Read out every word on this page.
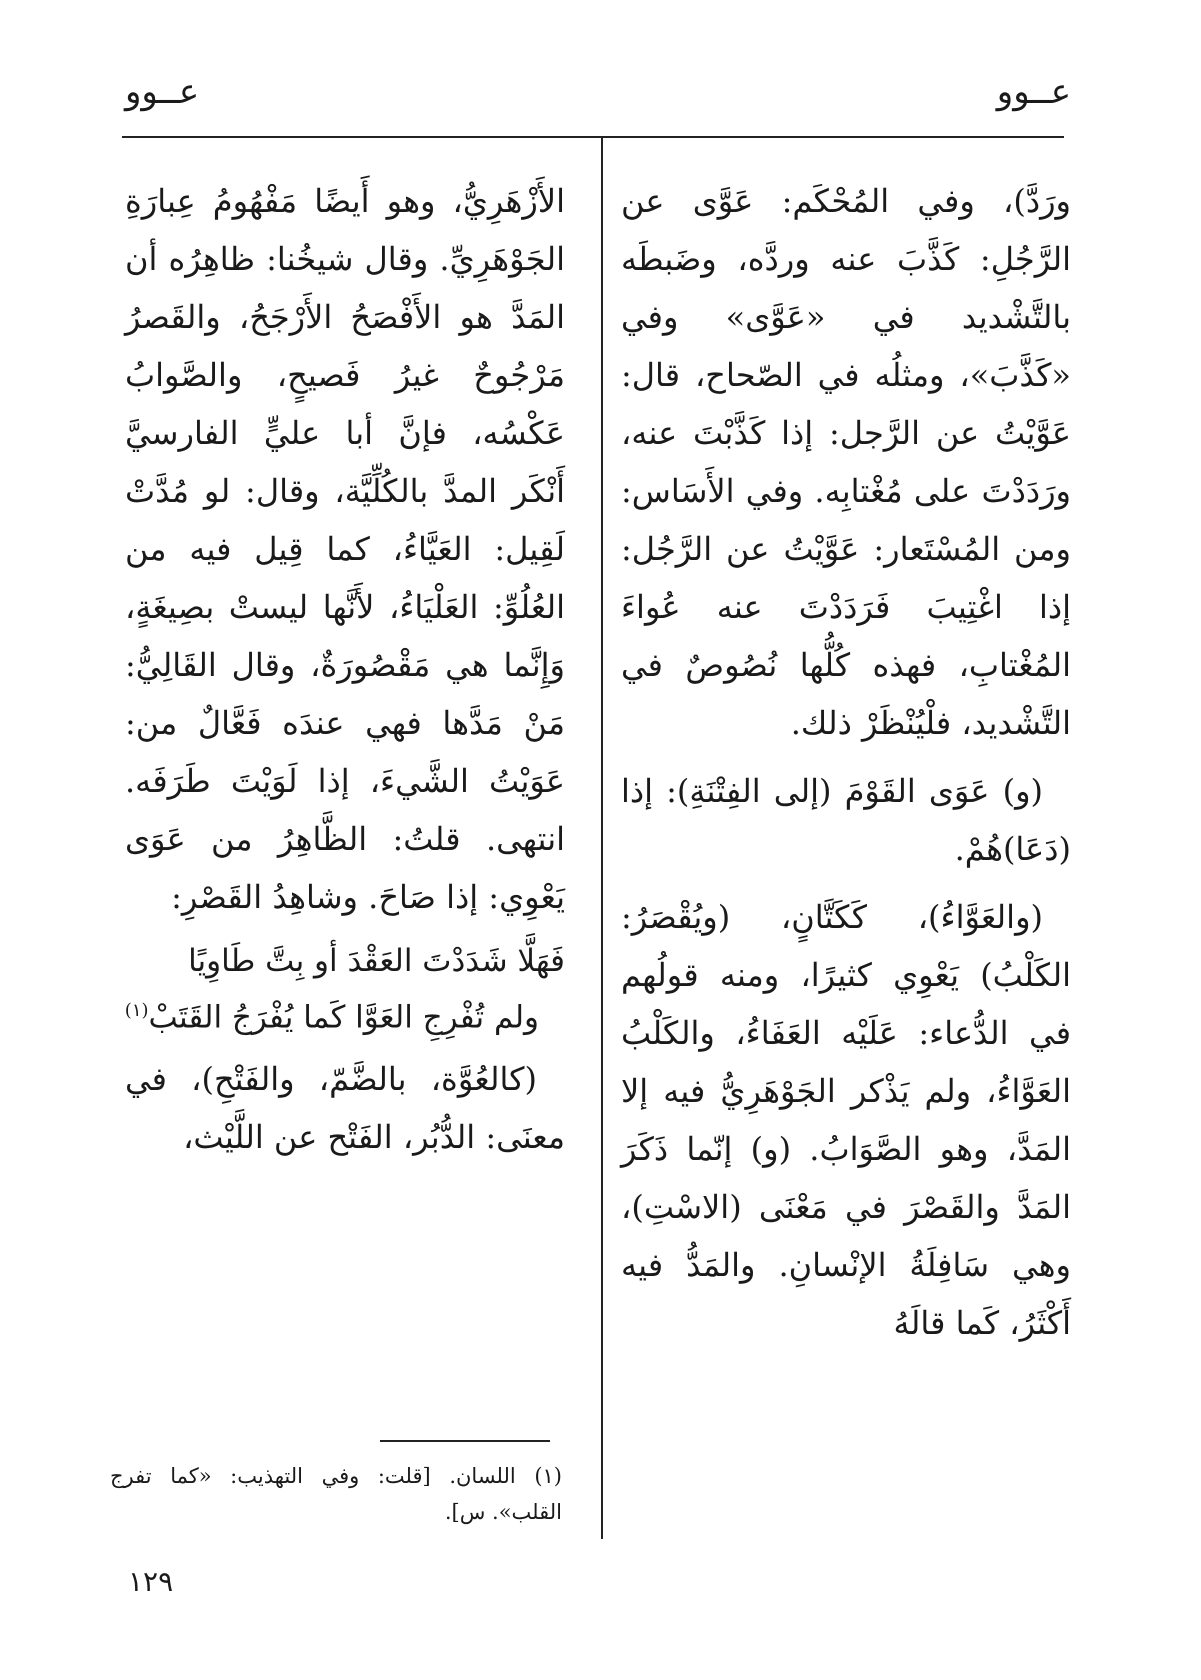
عــوو
عــوو

ورَدَّ)، وفي المُحْكَم: عَوَّى عن الرَّجُلِ: كَذَّبَ عنه وردَّه، وضَبطَه بالتَّشْديد في «عَوَّى» وفي «كَذَّبَ»، ومثلُه في الصّحاح، قال: عَوَّيْتُ عن الرَّجل: إذا كَذَّبْتَ عنه، ورَدَدْتَ على مُغْتابِه. وفي الأَسَاس: ومن المُسْتَعار: عَوَّيْتُ عن الرَّجُل: إذا اغْتِيبَ فَرَدَدْتَ عنه عُواءَ المُغْتابِ، فهذه كُلُّها نُصُوصٌ في التَّشْديد، فلْيُنْظَرْ ذلك.

(و) عَوَى القَوْمَ (إلى الفِتْنَةِ): إذا (دَعَا)هُمْ.

(والعَوَّاءُ)، كَكَتَّانٍ، (ويُقْصَرُ: الكَلْبُ) يَعْوِي كثيرًا، ومنه قولُهم في الدُّعاء: عَلَيْه العَفَاءُ، والكَلْبُ العَوَّاءُ، ولم يَذْكر الجَوْهَرِيُّ فيه إلا المَدَّ، وهو الصَّوَابُ. (و) إنّما ذَكَرَ المَدَّ والقَصْرَ في مَعْنَى (الاسْتِ)، وهي سَافِلَةُ الإنْسانِ. والمَدُّ فيه أَكْثَرُ، كَما قالَهُ

الأَزْهَرِيُّ، وهو أَيضًا مَفْهُومُ عِبارَةِ الجَوْهَرِيِّ. وقال شيخُنا: ظاهِرُه أن المَدَّ هو الأَفْصَحُ الأَرْجَحُ، والقَصرُ مَرْجُوحٌ غيرُ فَصيحٍ، والصَّوابُ عَكْسُه، فإنَّ أبا عليٍّ الفارسيَّ أَنْكَر المدَّ بالكُلِّيَّة، وقال: لو مُدَّتْ لَقِيل: العَيَّاءُ، كما قِيل فيه من العُلُوِّ: العَلْيَاءُ، لأَنَّها ليستْ بصِيغَةٍ، وَإِنَّما هي مَقْصُورَةٌ، وقال القَالِيُّ: مَنْ مَدَّها فهي عندَه فَعَّالٌ من: عَوَيْتُ الشَّيءَ، إذا لَوَيْتَ طَرَفَه. انتهى. قلتُ: الظَّاهِرُ من عَوَى يَعْوِي: إذا صَاحَ. وشاهِدُ القَصْرِ:

فَهَلَّا شَدَدْتَ العَقْدَ أو بِتَّ طَاوِيًا
ولم تُفْرِجِ العَوَّا كَما يُفْرَجُ القَتَبْ$^{(١)}$

(كالعُوَّة، بالضَّمّ، والفَتْحِ)، في معنَى: الدُّبُر، الفَتْح عن اللَّيْث،

(١) اللسان. [قلت: وفي التهذيب: «كما تفرج القلب». س].
١٢٩
